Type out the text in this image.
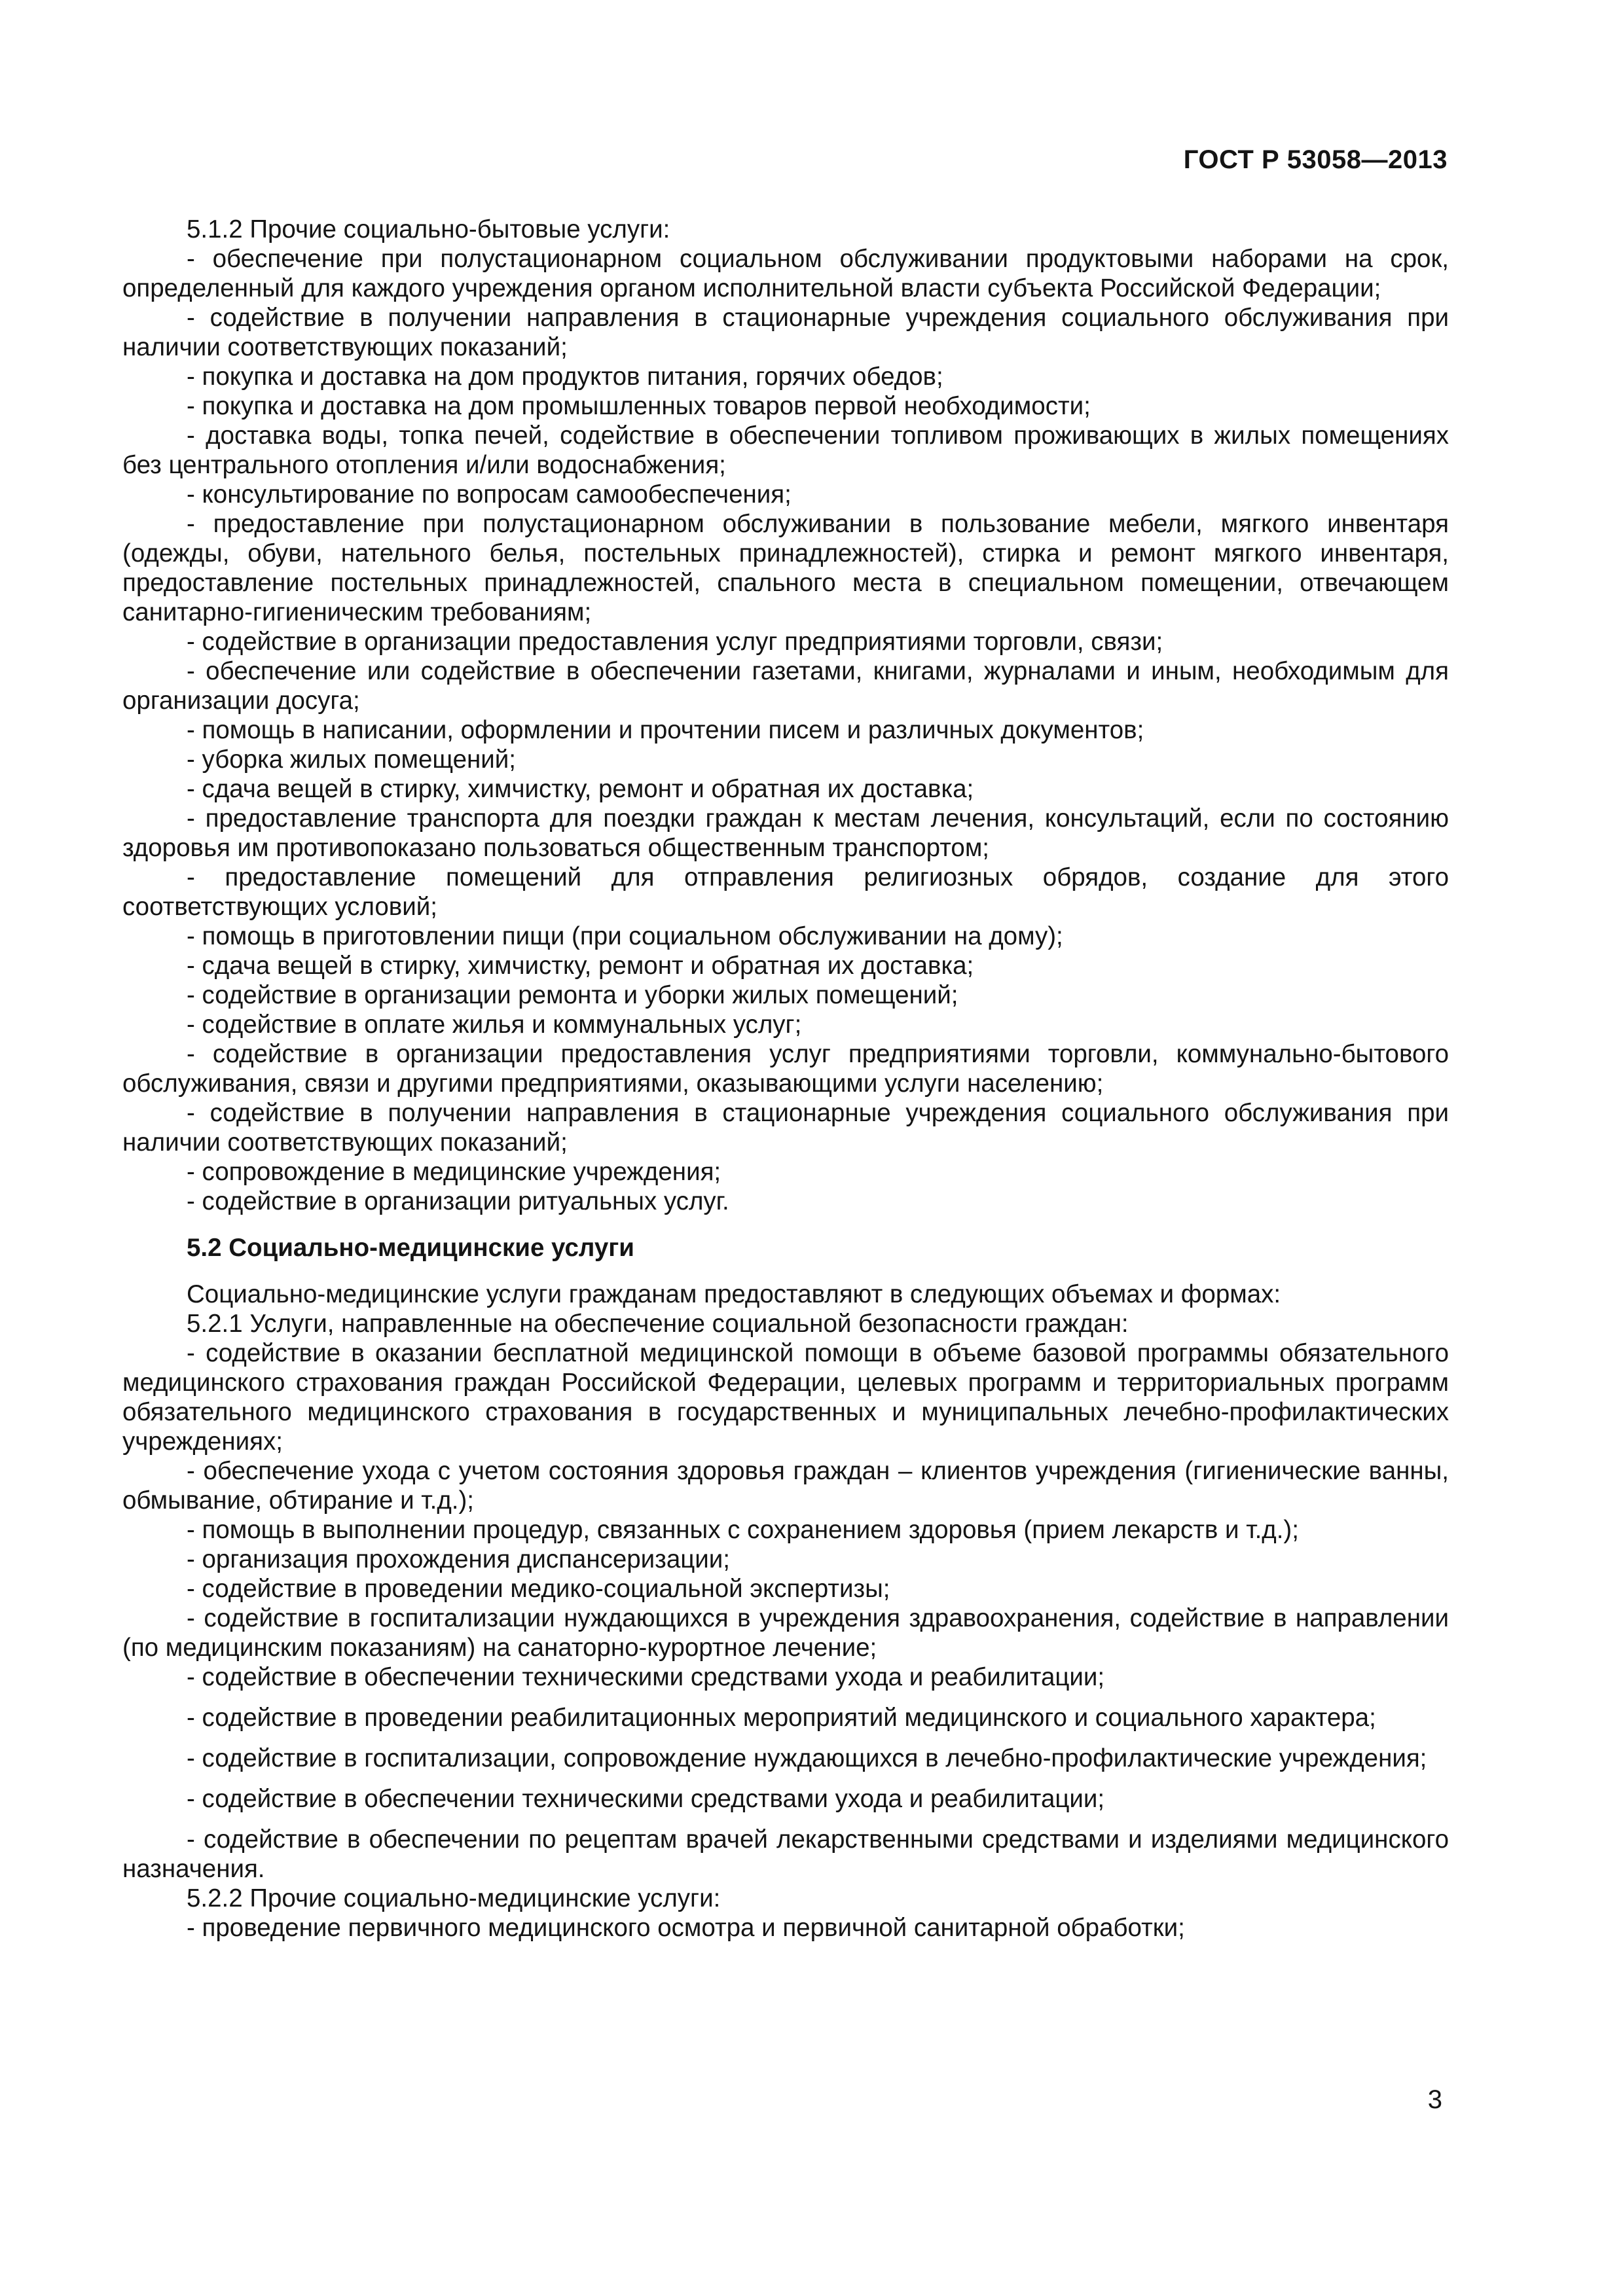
ГОСТ Р 53058—2013

5.1.2 Прочие социально-бытовые услуги:

- обеспечение при полустационарном социальном обслуживании продуктовыми наборами на срок, определенный для каждого учреждения органом исполнительной власти субъекта Российской Федерации;

- содействие в получении направления в стационарные учреждения социального обслуживания при наличии соответствующих показаний;

- покупка и доставка на дом продуктов питания, горячих обедов;

- покупка и доставка на дом промышленных товаров первой необходимости;

- доставка воды, топка печей, содействие в обеспечении топливом проживающих в жилых помещениях без центрального отопления и/или водоснабжения;

- консультирование по вопросам самообеспечения;

- предоставление при полустационарном обслуживании в пользование мебели, мягкого инвентаря (одежды, обуви, нательного белья, постельных принадлежностей), стирка и ремонт мягкого инвентаря, предоставление постельных принадлежностей, спального места в специальном помещении, отвечающем санитарно-гигиеническим требованиям;

- содействие в организации предоставления услуг предприятиями торговли, связи;

- обеспечение или содействие в обеспечении газетами, книгами, журналами и иным, необходимым для организации досуга;

- помощь в написании, оформлении и прочтении писем и различных документов;

- уборка жилых помещений;

- сдача вещей в стирку, химчистку, ремонт и обратная их доставка;

- предоставление транспорта для поездки граждан к местам лечения, консультаций, если по состоянию здоровья им противопоказано пользоваться общественным транспортом;

- предоставление помещений для отправления религиозных обрядов, создание для этого соответствующих условий;

- помощь в приготовлении пищи (при социальном обслуживании на дому);

- сдача вещей в стирку, химчистку, ремонт и обратная их доставка;

- содействие в организации ремонта и уборки жилых помещений;

- содействие в оплате жилья и коммунальных услуг;

- содействие в организации предоставления услуг предприятиями торговли, коммунально-бытового обслуживания, связи и другими предприятиями, оказывающими услуги населению;

- содействие в получении направления в стационарные учреждения социального обслуживания при наличии соответствующих показаний;

- сопровождение в медицинские учреждения;

- содействие в организации ритуальных услуг.

5.2 Социально-медицинские услуги

Социально-медицинские услуги гражданам предоставляют в следующих объемах и формах:

5.2.1 Услуги, направленные на обеспечение социальной безопасности граждан:

- содействие в оказании бесплатной медицинской помощи в объеме базовой программы обязательного медицинского страхования граждан Российской Федерации, целевых программ и территориальных программ обязательного медицинского страхования в государственных и муниципальных лечебно-профилактических учреждениях;

- обеспечение ухода с учетом состояния здоровья граждан – клиентов учреждения (гигиенические ванны, обмывание, обтирание и т.д.);

- помощь в выполнении процедур, связанных с сохранением здоровья (прием лекарств и т.д.);

- организация прохождения диспансеризации;

- содействие в проведении медико-социальной экспертизы;

- содействие в госпитализации нуждающихся в учреждения здравоохранения, содействие в направлении (по медицинским показаниям) на санаторно-курортное лечение;

- содействие в обеспечении техническими средствами ухода и реабилитации;

- содействие в проведении реабилитационных мероприятий медицинского и социального характера;

- содействие в госпитализации, сопровождение нуждающихся в лечебно-профилактические учреждения;

- содействие в обеспечении техническими средствами ухода и реабилитации;

- содействие в обеспечении по рецептам врачей лекарственными средствами и изделиями медицинского назначения.

5.2.2 Прочие социально-медицинские услуги:

- проведение первичного медицинского осмотра и первичной санитарной обработки;

3
